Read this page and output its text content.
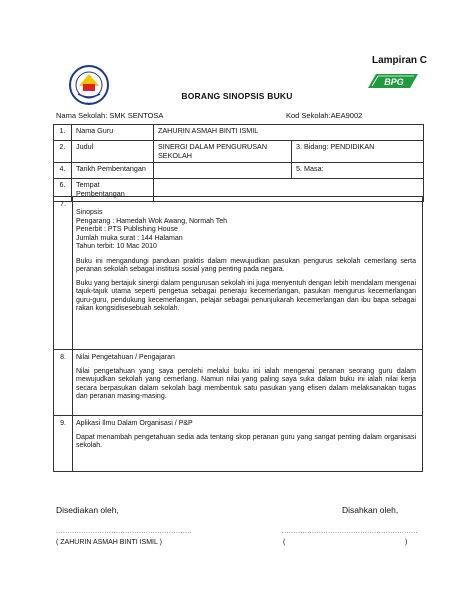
Lampiran C
•••••
BPG
BORANG SINOPSIS BUKU
Nama Sekolah: SMK SENTOSA	Kod Sekolah:AEA9002
1.	Nama Guru	ZAHURIN ASMAH BINTI ISMIL	
2.	Judul	SINERGI DALAM PENGURUSAN SEKOLAH	3. Bidang: PENDIDIKAN
4.	Tarikh Pembentangan		5. Masa:
6.	Tempat Pembentangan		
7.
Sinopsis
Pengarang : Hamedah Wok Awang, Normah Teh
Penerbit : PTS Publishing House
Jumlah muka surat : 144 Halaman
Tahun terbit: 10 Mac 2010

Buku ini mengandungi panduan praktis dalam mewujudkan pasukan pengurus sekolah cemerlang serta peranan sekolah sebagai institusi sosial yang penting pada negara.

Buku yang bertajuk sinergi dalam pengurusan sekolah ini juga menyentuh dengan lebih mendalam mengenai tajuk-tajuk utama seperti pengetua sebagai peneraju kecemerlangan, pasukan mengurus kecemerlangan guru-guru, pendukung kecemerlangan, pelajar sebagai penunjukarah kecemerlangan dan ibu bapa sebagai rakan kongsidisesebuah sekolah.

8.	Nilai Pengetahuan / Pengajaran

Nilai pengetahuan yang saya perolehi melalui buku ini ialah mengenai peranan seorang guru dalam mewujudkan sekolah yang cemerlang. Namun nilai yang paling saya suka dalam buku ini ialah nilai kerja secara berpasukan dalam sekolah bagi membentuk satu pasukan yang efisen dalam melaksanakan tugas dan peranan masing-masing.

9.	Aplikasi Ilmu Dalam Organisasi / P&P

Dapat menambah pengetahuan sedia ada tentang skop peranan guru yang sangat penting dalam organisasi sekolah.

Disediakan oleh,	Disahkan oleh,
...........................................................	...........................................................
( ZAHURIN ASMAH BINTI ISMIL )	(	)
